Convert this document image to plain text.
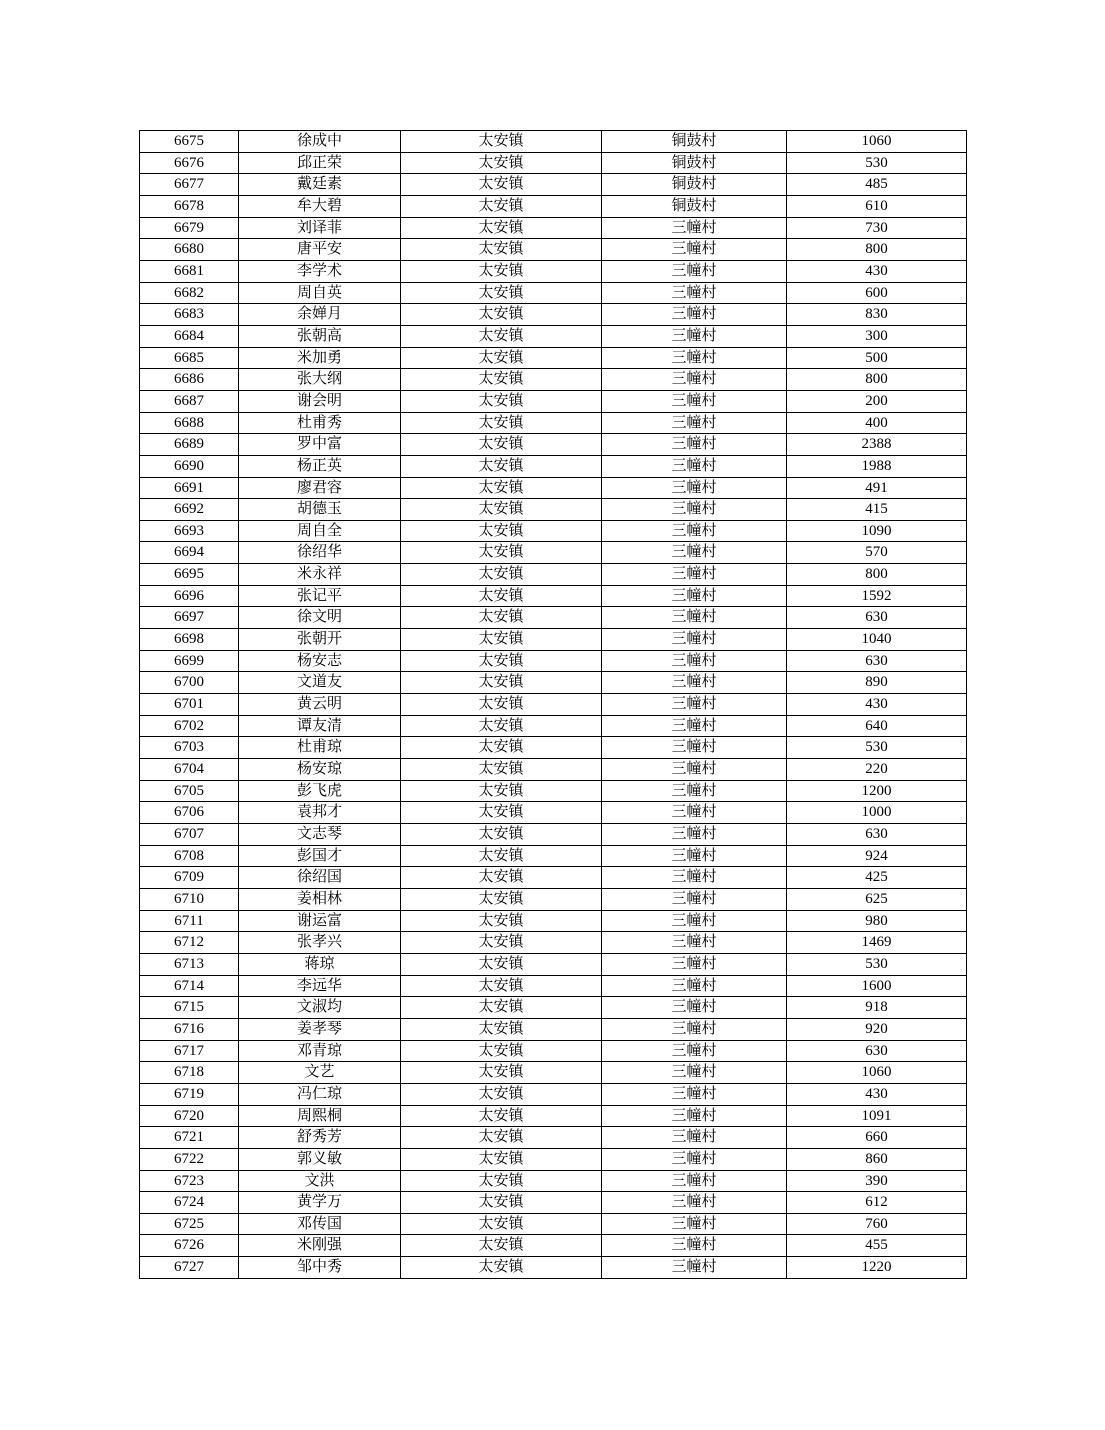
6675	徐成中	太安镇	铜鼓村	1060
6676	邱正荣	太安镇	铜鼓村	530
6677	戴廷素	太安镇	铜鼓村	485
6678	牟大碧	太安镇	铜鼓村	610
6679	刘译菲	太安镇	三幢村	730
6680	唐平安	太安镇	三幢村	800
6681	李学术	太安镇	三幢村	430
6682	周自英	太安镇	三幢村	600
6683	余婵月	太安镇	三幢村	830
6684	张朝高	太安镇	三幢村	300
6685	米加勇	太安镇	三幢村	500
6686	张大纲	太安镇	三幢村	800
6687	谢会明	太安镇	三幢村	200
6688	杜甫秀	太安镇	三幢村	400
6689	罗中富	太安镇	三幢村	2388
6690	杨正英	太安镇	三幢村	1988
6691	廖君容	太安镇	三幢村	491
6692	胡德玉	太安镇	三幢村	415
6693	周自全	太安镇	三幢村	1090
6694	徐绍华	太安镇	三幢村	570
6695	米永祥	太安镇	三幢村	800
6696	张记平	太安镇	三幢村	1592
6697	徐文明	太安镇	三幢村	630
6698	张朝开	太安镇	三幢村	1040
6699	杨安志	太安镇	三幢村	630
6700	文道友	太安镇	三幢村	890
6701	黄云明	太安镇	三幢村	430
6702	谭友清	太安镇	三幢村	640
6703	杜甫琼	太安镇	三幢村	530
6704	杨安琼	太安镇	三幢村	220
6705	彭飞虎	太安镇	三幢村	1200
6706	袁邦才	太安镇	三幢村	1000
6707	文志琴	太安镇	三幢村	630
6708	彭国才	太安镇	三幢村	924
6709	徐绍国	太安镇	三幢村	425
6710	姜相林	太安镇	三幢村	625
6711	谢运富	太安镇	三幢村	980
6712	张孝兴	太安镇	三幢村	1469
6713	蒋琼	太安镇	三幢村	530
6714	李远华	太安镇	三幢村	1600
6715	文淑均	太安镇	三幢村	918
6716	姜孝琴	太安镇	三幢村	920
6717	邓青琼	太安镇	三幢村	630
6718	文艺	太安镇	三幢村	1060
6719	冯仁琼	太安镇	三幢村	430
6720	周熙桐	太安镇	三幢村	1091
6721	舒秀芳	太安镇	三幢村	660
6722	郭义敏	太安镇	三幢村	860
6723	文洪	太安镇	三幢村	390
6724	黄学万	太安镇	三幢村	612
6725	邓传国	太安镇	三幢村	760
6726	米刚强	太安镇	三幢村	455
6727	邹中秀	太安镇	三幢村	1220
